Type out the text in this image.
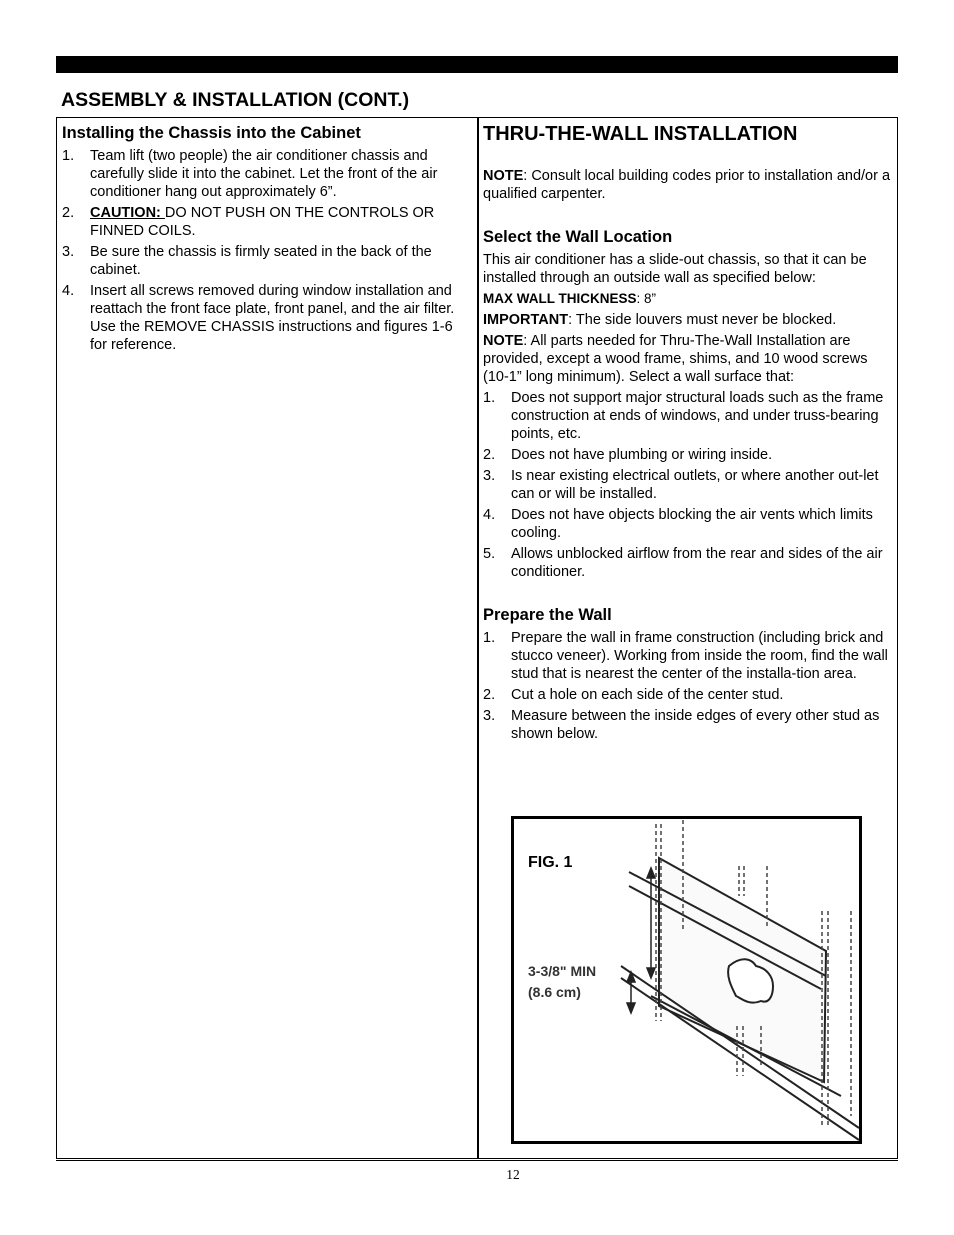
ASSEMBLY & INSTALLATION (CONT.)
Installing the Chassis into the Cabinet
1. Team lift (two people) the air conditioner chassis and carefully slide it into the cabinet. Let the front of the air conditioner hang out approximately 6”.
2. CAUTION: DO NOT PUSH ON THE CONTROLS OR FINNED COILS.
3. Be sure the chassis is firmly seated in the back of the cabinet.
4. Insert all screws removed during window installation and reattach the front face plate, front panel, and the air filter. Use the REMOVE CHASSIS instructions and figures 1-6 for reference.
THRU-THE-WALL INSTALLATION

NOTE: Consult local building codes prior to installation and/or a qualified carpenter.

Select the Wall Location

This air conditioner has a slide-out chassis, so that it can be installed through an outside wall as specified below:

MAX WALL THICKNESS: 8”

IMPORTANT: The side louvers must never be blocked.

NOTE: All parts needed for Thru-The-Wall Installation are provided, except a wood frame, shims, and 10 wood screws (10-1” long minimum). Select a wall surface that:

1. Does not support major structural loads such as the frame construction at ends of windows, and under truss-bearing points, etc.
2. Does not have plumbing or wiring inside.
3. Is near existing electrical outlets, or where another out-let can or will be installed.
4. Does not have objects blocking the air vents which limits cooling.
5. Allows unblocked airflow from the rear and sides of the air conditioner.
Prepare the Wall
1. Prepare the wall in frame construction (including brick and stucco veneer). Working from inside the room, find the wall stud that is nearest the center of the installa-tion area.
2. Cut a hole on each side of the center stud.
3. Measure between the inside edges of every other stud as shown below.
FIG. 1
3-3/8" MIN
(8.6 cm)
12
